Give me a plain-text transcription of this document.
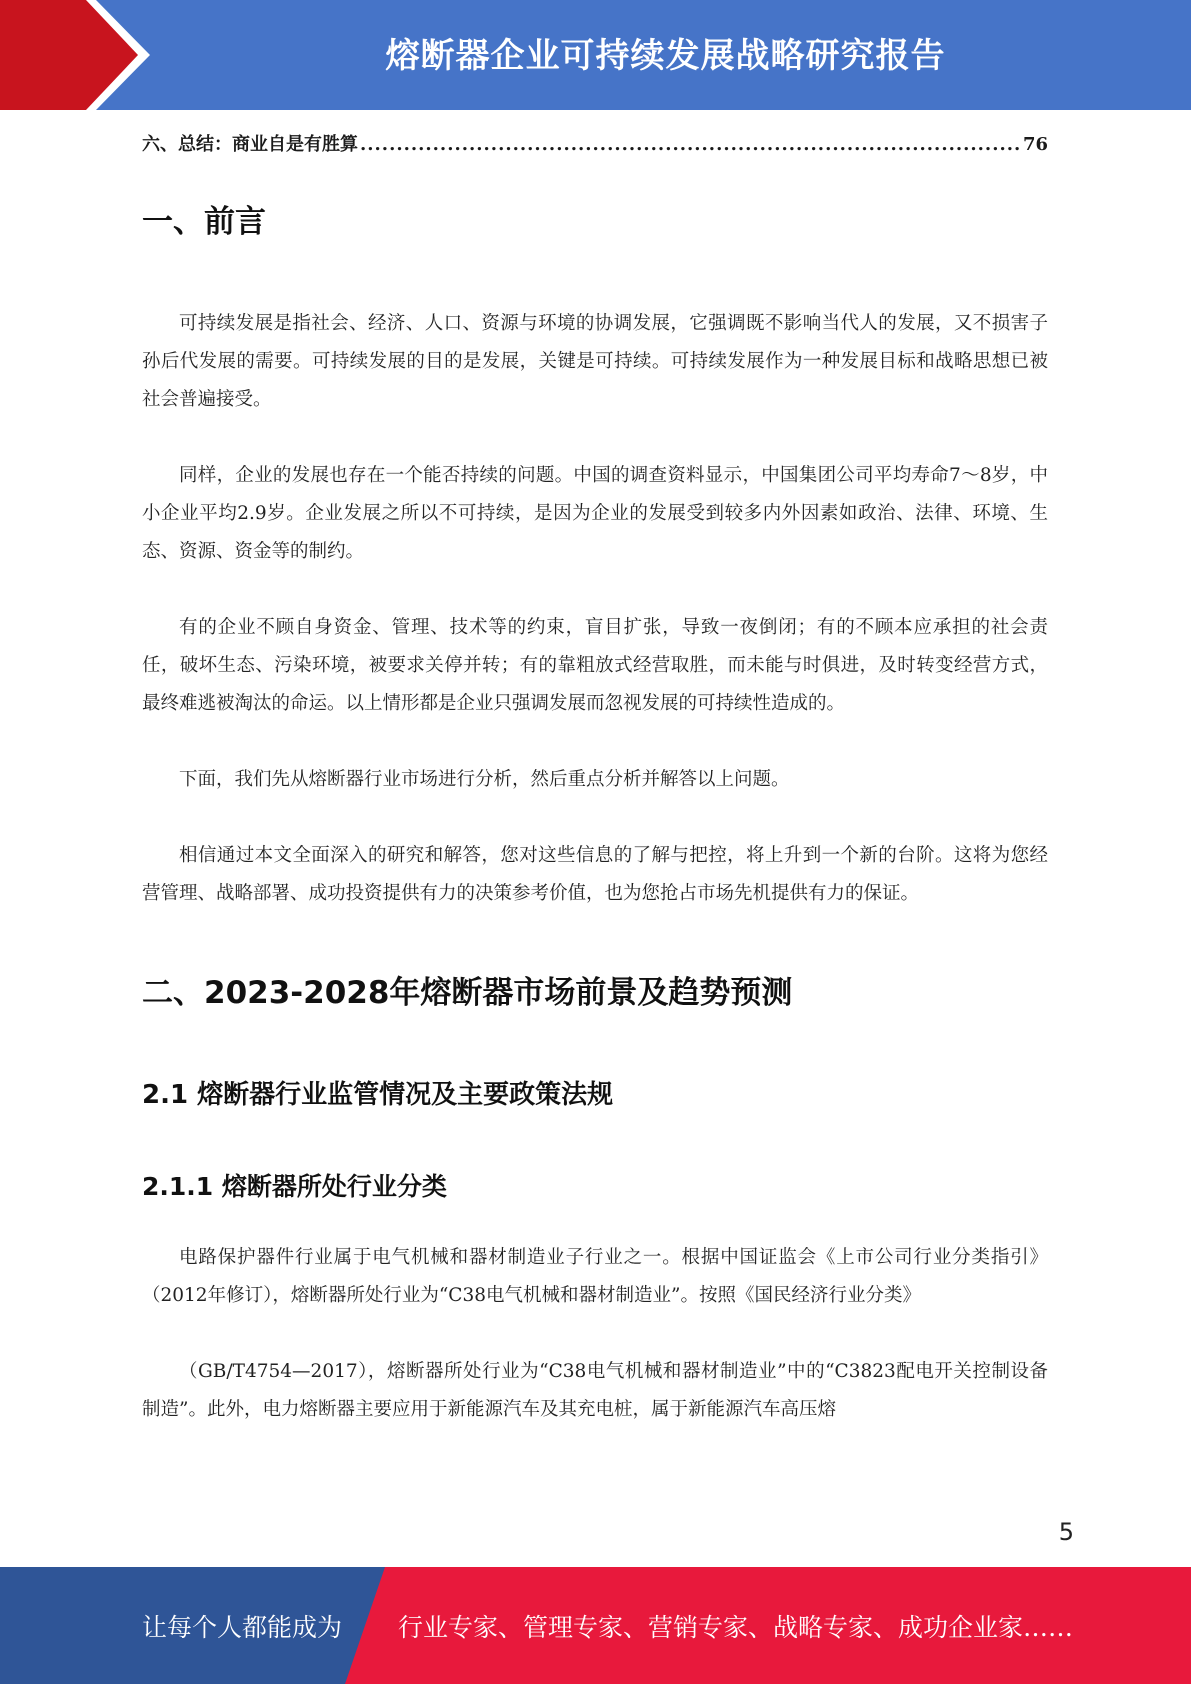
熔断器企业可持续发展战略研究报告
六、总结：商业自是有胜算
.....	76
一、前言

可持续发展是指社会、经济、人口、资源与环境的协调发展，它强调既不影响当代人的发展，又不损害子孙后代发展的需要。可持续发展的目的是发展，关键是可持续。可持续发展作为一种发展目标和战略思想已被社会普遍接受。

同样，企业的发展也存在一个能否持续的问题。中国的调查资料显示，中国集团公司平均寿命7～8岁，中小企业平均2.9岁。企业发展之所以不可持续，是因为企业的发展受到较多内外因素如政治、法律、环境、生态、资源、资金等的制约。

有的企业不顾自身资金、管理、技术等的约束，盲目扩张，导致一夜倒闭；有的不顾本应承担的社会责任，破坏生态、污染环境，被要求关停并转；有的靠粗放式经营取胜，而未能与时俱进，及时转变经营方式，最终难逃被淘汰的命运。以上情形都是企业只强调发展而忽视发展的可持续性造成的。

下面，我们先从熔断器行业市场进行分析，然后重点分析并解答以上问题。

相信通过本文全面深入的研究和解答，您对这些信息的了解与把控，将上升到一个新的台阶。这将为您经营管理、战略部署、成功投资提供有力的决策参考价值，也为您抢占市场先机提供有力的保证。

二、2023-2028年熔断器市场前景及趋势预测
2.1 熔断器行业监管情况及主要政策法规
2.1.1 熔断器所处行业分类

电路保护器件行业属于电气机械和器材制造业子行业之一。根据中国证监会《上市公司行业分类指引》（2012年修订），熔断器所处行业为“C38电气机械和器材制造业”。按照《国民经济行业分类》

（GB/T4754—2017），熔断器所处行业为“C38电气机械和器材制造业”中的“C3823配电开关控制设备制造”。此外，电力熔断器主要应用于新能源汽车及其充电桩，属于新能源汽车高压熔

5
让每个人都能成为 行业专家、管理专家、营销专家、战略专家、成功企业家……
